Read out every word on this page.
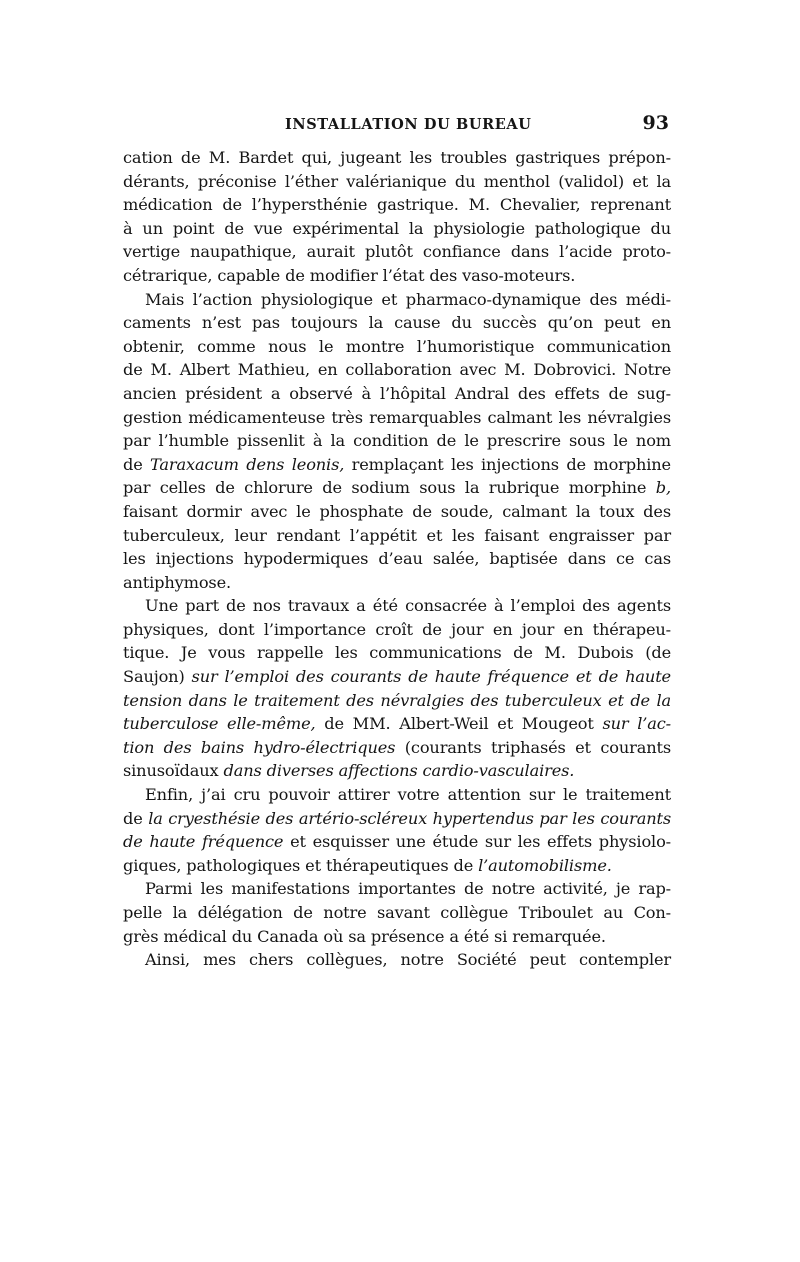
INSTALLATION DU BUREAU	93
cation de M. Bardet qui, jugeant les troubles gastriques prépon-
dérants, préconise l’éther valérianique du menthol (validol) et la
médication de l’hypersthénie gastrique. M. Chevalier, reprenant
à un point de vue expérimental la physiologie pathologique du
vertige naupathique, aurait plutôt confiance dans l’acide proto-
cétrarique, capable de modifier l’état des vaso-moteurs.
Mais l’action physiologique et pharmaco-dynamique des médi-
caments n’est pas toujours la cause du succès qu’on peut en
obtenir, comme nous le montre l’humoristique communication
de M. Albert Mathieu, en collaboration avec M. Dobrovici. Notre
ancien président a observé à l’hôpital Andral des effets de sug-
gestion médicamenteuse très remarquables calmant les névralgies
par l’humble pissenlit à la condition de le prescrire sous le nom
de Taraxacum dens leonis, remplaçant les injections de morphine
par celles de chlorure de sodium sous la rubrique morphine b,
faisant dormir avec le phosphate de soude, calmant la toux des
tuberculeux, leur rendant l’appétit et les faisant engraisser par
les injections hypodermiques d’eau salée, baptisée dans ce cas
antiphymose.
Une part de nos travaux a été consacrée à l’emploi des agents
physiques, dont l’importance croît de jour en jour en thérapeu-
tique. Je vous rappelle les communications de M. Dubois (de
Saujon) sur l’emploi des courants de haute fréquence et de haute
tension dans le traitement des névralgies des tuberculeux et de la
tuberculose elle-même, de MM. Albert-Weil et Mougeot sur l’ac-
tion des bains hydro-électriques (courants triphasés et courants
sinusoïdaux dans diverses affections cardio-vasculaires.
Enfin, j’ai cru pouvoir attirer votre attention sur le traitement
de la cryesthésie des artério-scléreux hypertendus par les courants
de haute fréquence et esquisser une étude sur les effets physiolo-
giques, pathologiques et thérapeutiques de l’automobilisme.
Parmi les manifestations importantes de notre activité, je rap-
pelle la délégation de notre savant collègue Triboulet au Con-
grès médical du Canada où sa présence a été si remarquée.
Ainsi, mes chers collègues, notre Société peut contempler
